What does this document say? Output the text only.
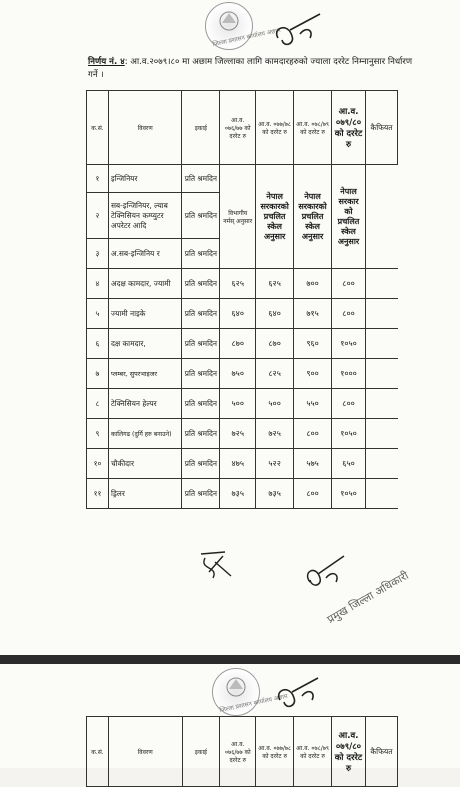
जिल्ला प्रशासन कार्यालय अछाम
निर्णय नं. ४: आ.व.२०७९।८० मा अछाम जिल्लाका लागि कामदारहरुको ज्याला दररेट निम्नानुसार निर्धारण गर्ने ।
क.सं.	विवरण	इकाई	आ.व. ०७६/७७ को दररेट रु	आ.व. ०७७/७८ को दररेट रु	आ.व. ०७८/७९ को दररेट रु	आ.व. ०७९/८० को दररेट रु	कैफियत
१	इन्जिनियर	प्रति श्रमदिन	विभागीय नर्मस् अनुसार	नेपाल सरकारको प्रचलित स्केल अनुसार	नेपाल सरकारको प्रचलित स्केल अनुसार	नेपाल सरकार को प्रचलित स्केल अनुसार	
२	सब-इन्जिनियर, ल्याब टेक्निसियन कम्प्युटर अपरेटर आदि	प्रति श्रमदिन					
३	अ.सब-इन्जिनिय र	प्रति श्रमदिन					
४	अदक्ष कामदार, ज्यामी	प्रति श्रमदिन	६२५	६२५	७००	८००	
५	ज्यामी नाइके	प्रति श्रमदिन	६४०	६४०	७१५	८००	
६	दक्ष कामदार,	प्रति श्रमदिन	८७०	८७०	९६०	१०५०	
७	प्लम्बर, सुपरभाइजर	प्रति श्रमदिन	७५०	८२५	९००	१०००	
८	टेक्निसियन हेल्पर	प्रति श्रमदिन	५००	५००	५५०	८००	
९	कालिगढ (दुर्गि हरु बनाउने)	प्रति श्रमदिन	७२५	७२५	८००	१०५०	
१०	चौकीदार	प्रति श्रमदिन	४७५	५२२	५७५	६५०	
११	ड्रिलर	प्रति श्रमदिन	७३५	७३५	८००	१०५०	
प्रमुख जिल्ला अधिकारी
जिल्ला प्रशासन कार्यालय अछाम
क.सं.	विवरण	इकाई	आ.व. ०७६/७७ को दररेट रु	आ.व. ०७७/७८ को दररेट रु	आ.व. ०७८/७९ को दररेट रु	आ.व. ०७९/८० को दररेट रु	कैफियत
